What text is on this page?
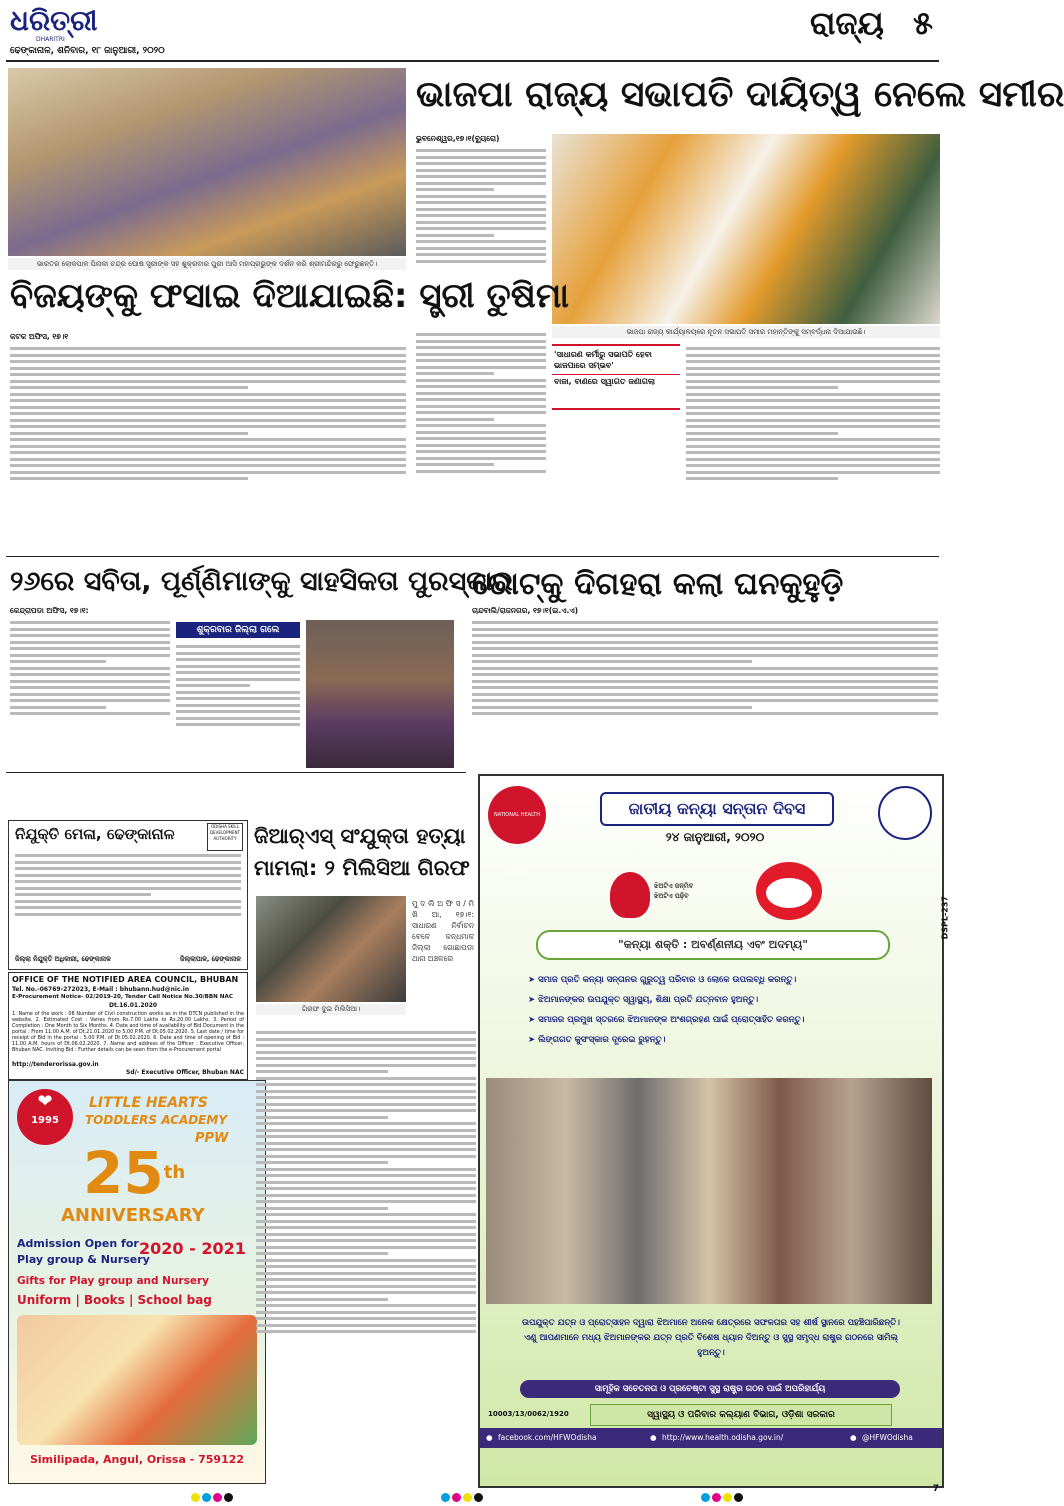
ଧରିତ୍ରୀ
DHARITRI
ଢେଙ୍କାନାଳ, ଶନିବାର, ୧୮ ଜାନୁଆରୀ, ୨୦୨୦
ରାଜ୍ୟ ୫
ଭାରତର ଲୋକପାଳ ପିନାକୀ ଚନ୍ଦ୍ର ଘୋଷ ସ୍ତ୍ରୀଙ୍କ ସହ ଶୁକ୍ରବାର ପୁରୀ ଆସି ମହାପ୍ରଭୁଙ୍କ ଦର୍ଶନ କରି ଶ୍ରୀମନ୍ଦିରରୁ ଫେରୁଛନ୍ତି।
ଭାଜପା ରାଜ୍ୟ ସଭାପତି ଦାୟିତ୍ୱ ନେଲେ ସମୀର
ଭୁବନେଶ୍ୱର,୧୭।୧(ବ୍ୟୁରୋ)
ଭାଜପା ରାଜ୍ୟ କାର୍ଯ୍ୟାଳୟରେ ନୂତନ ସଭାପତି ସମୀର ମହାନ୍ତିଙ୍କୁ ସମ୍ବର୍ଦ୍ଧନା ଦିଆଯାଉଛି।
ବିଜୟଙ୍କୁ ଫସାଇ ଦିଆଯାଇଛି: ସ୍ତ୍ରୀ ତୁଷିମା
କଟକ ଅଫିସ, ୧୭।୧
'ସାଧାରଣ କର୍ମୀରୁ ସଭାପତି ହେବା ଭାଜପାରେ ସମ୍ଭବ'
ବାଜା, ବାଣରେ ସ୍ୱାଗତ ଜଣାଗଲା
୨୬ରେ ସବିତା, ପୂର୍ଣ୍ଣିମାଙ୍କୁ ସାହସିକତା ପୁରସ୍କାର
କେନ୍ଦ୍ରାପଡା ଅଫିସ, ୧୭।୧:
ଶୁକ୍ରବାର ଜିଲ୍ଲା ଗଲେ
ଭୋଟ୍‌କୁ ଦିଗହରା କଲା ଘନକୁହୁଡ଼ି
ଚାନ୍ଦବାଲି/ରାଜନଗର, ୧୭।୧(ଇ.ଏ.ଏ)
ନିଯୁକ୍ତି ମେଳା, ଢେଙ୍କାନାଳ	ODISHA SKILL DEVELOPMENT AUTHORITY
ଜିଲ୍ଲା ନିଯୁକ୍ତି ଅଧିକାରୀ, ଢେଙ୍କାନାଳ	ଜିଲ୍ଲାପାଳ, ଢେଙ୍କାନାଳ
OFFICE OF THE NOTIFIED AREA COUNCIL, BHUBAN
Tel. No.-06769-272023, E-Mail : bhubann.hud@nic.in
E-Procurement Notice- 02/2019-20, Tender Call Notice No.30/BBN NAC
Dt.16.01.2020
1. Name of the work : 08 Number of Civil construction works as in the DTCN published in the website. 2. Estimated Cost : Varies from Rs.7.00 Lakhs to Rs.20.00 Lakhs. 3. Period of Completion : One Month to Six Months. 4. Date and time of availability of Bid Document in the portal : From 11.00 A.M. of Dt.21.01.2020 to 5.00 P.M. of Dt.05.02.2020. 5. Last date / time for receipt of Bid in the portal : 5.00 P.M. of Dt.05.02.2020. 6. Date and time of opening of Bid : 11.00 A.M. hours of Dt.06.02.2020. 7. Name and address of the Officer : Executive Officer, Bhuban NAC. Inviting Bid : Further details can be seen from the e-Procurement portal
http://tenderorissa.gov.in
Sd/- Executive Officer, Bhuban NAC
❤
1995
LITTLE HEARTS
TODDLERS ACADEMY
PPW
25th
ANNIVERSARY
Admission Open for
Play group & Nursery
2020 - 2021
Gifts for Play group and Nursery
Uniform | Books | School bag
Similipada, Angul, Orissa - 759122
ଜିଆର୍‌ଏସ୍ ସଂଯୁକ୍ତା ହତ୍ୟା
ମାମଲା: ୨ ମିଲିସିଆ ଗିରଫ
ଗିରଫ ଦୁଇ ମିଲିସିଆ।
ମୁ ଦ ଲି ଅ ଫି ସ / ମି ଖି ଆ, ୧୭।୧: ସାଧାରଣ ନିର୍ବାଚନ ବେଳେ କନ୍ଧମାଳ ଜିଲ୍ଲା ଗୋଛାପଡା ଥାନା ଅଞ୍ଚଳରେ
NATIONAL HEALTH MISSION
ଜାତୀୟ କନ୍ୟା ସନ୍ତାନ ଦିବସ
୨୪ ଜାନୁଆରୀ, ୨୦୨୦
DSPL-237
ଝିଅଟିଏ ଜନ୍ମିବ
ଝିଅଟିଏ ପଢ଼ିବ
"କନ୍ୟା ଶକ୍ତି : ଅବର୍ଣ୍ଣନୀୟ ଏବଂ ଅଦମ୍ୟ"
➤ ସମାଜ ପ୍ରତି କନ୍ୟା ସନ୍ତାନର ଗୁରୁତ୍ୱ ପରିବାର ଓ ଲୋକେ ଉପଲବ୍ଧି କରନ୍ତୁ।
➤ ଝିଅମାନଙ୍କର ଉପଯୁକ୍ତ ସ୍ୱାସ୍ଥ୍ୟ, ଶିକ୍ଷା ପ୍ରତି ଯତ୍ନବାନ ହୁଅନ୍ତୁ।
➤ ସମାଜର ପ୍ରମୁଖ ସ୍ତରରେ ଝିଅମାନଙ୍କ ଅଂଶଗ୍ରହଣ ପାଇଁ ପ୍ରୋତ୍ସାହିତ କରନ୍ତୁ।
➤ ଲିଙ୍ଗଗତ କୁସଂସ୍କାର ଦୂରେଇ ରୁହନ୍ତୁ।
ଉପଯୁକ୍ତ ଯତ୍ନ ଓ ପ୍ରୋତ୍ସାହନ ଦ୍ୱାରା ଝିଅମାନେ ଅନେକ କ୍ଷେତ୍ରରେ ସଫଳତାର ସହ ଶୀର୍ଷ ସ୍ଥାନରେ ପହଞ୍ଚିପାରିଛନ୍ତି। ଏଣୁ ଆପଣମାନେ ମଧ୍ୟ ଝିଅମାନଙ୍କର ଯତ୍ନ ପ୍ରତି ବିଶେଷ ଧ୍ୟାନ ଦିଅନ୍ତୁ ଓ ସୁସ୍ଥ ସମୃଦ୍ଧ ରାଷ୍ଟ୍ର ଗଠନରେ ସାମିଲ୍ ହୁଅନ୍ତୁ।
ସାମୂହିକ ସଚେତନତା ଓ ପ୍ରଚେଷ୍ଟା ସୁସ୍ଥ ରାଷ୍ଟ୍ର ଗଠନ ପାଇଁ ଅପରିହାର୍ଯ୍ୟ
10003/13/0062/1920	ସ୍ୱାସ୍ଥ୍ୟ ଓ ପରିବାର କଲ୍ୟାଣ ବିଭାଗ, ଓଡ଼ିଶା ସରକାର
● facebook.com/HFWOdisha	● http://www.health.odisha.gov.in/	● @HFWOdisha
7
